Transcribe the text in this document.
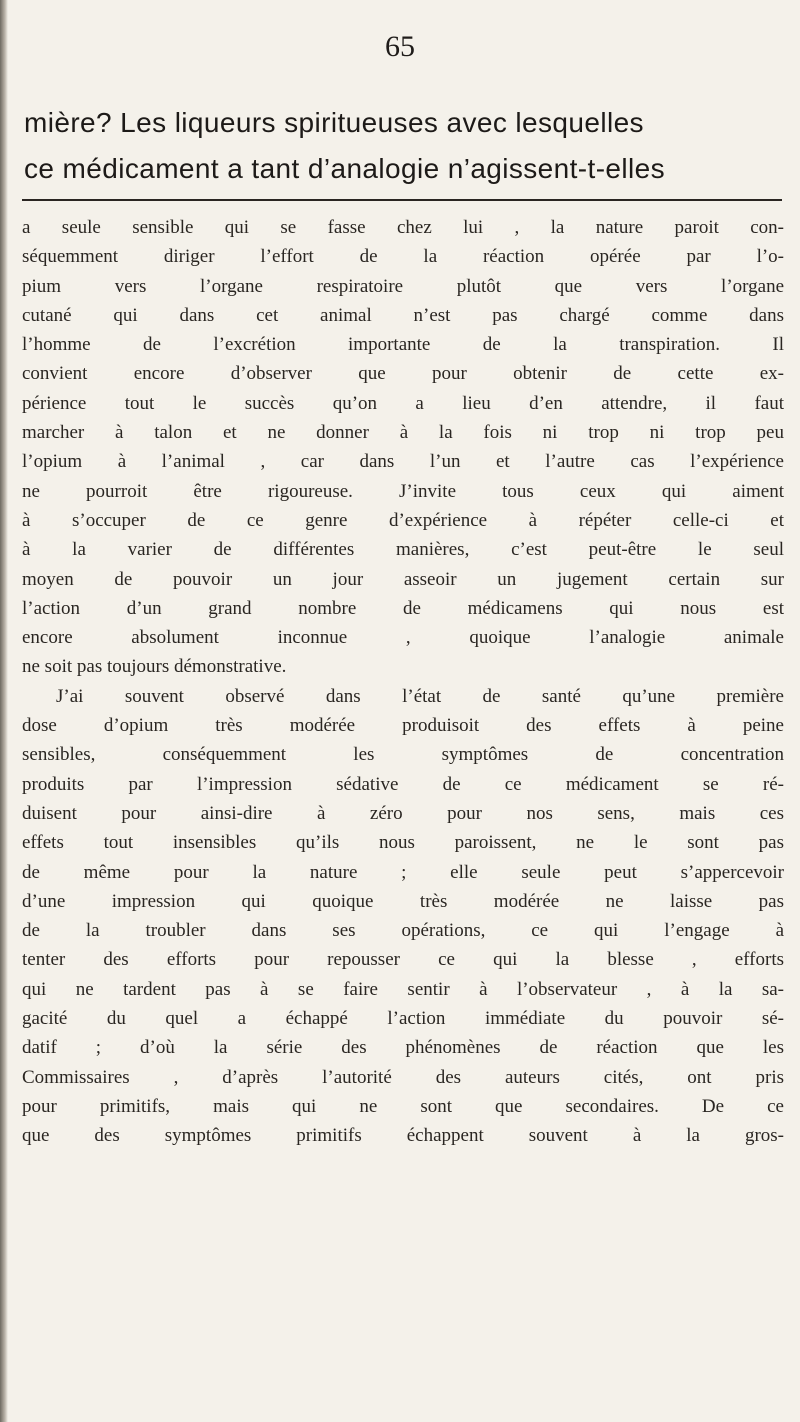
65
mière? Les liqueurs spiritueuses avec lesquelles
ce médicament a tant d’analogie n’agissent-t-elles
a seule sensible qui se fasse chez lui , la nature paroit con-
séquemment diriger l’effort de la réaction opérée par l’o-
pium vers l’organe respiratoire plutôt que vers l’organe
cutané qui dans cet animal n’est pas chargé comme dans
l’homme de l’excrétion importante de la transpiration. Il
convient encore d’observer que pour obtenir de cette ex-
périence tout le succès qu’on a lieu d’en attendre, il faut
marcher à talon et ne donner à la fois ni trop ni trop peu
l’opium à l’animal , car dans l’un et l’autre cas l’expérience
ne pourroit être rigoureuse. J’invite tous ceux qui aiment
à s’occuper de ce genre d’expérience à répéter celle-ci et
à la varier de différentes manières, c’est peut-être le seul
moyen de pouvoir un jour asseoir un jugement certain sur
l’action d’un grand nombre de médicamens qui nous est
encore absolument inconnue , quoique l’analogie animale
ne soit pas toujours démonstrative.
J’ai souvent observé dans l’état de santé qu’une première
dose d’opium très modérée produisoit des effets à peine
sensibles, conséquemment les symptômes de concentration
produits par l’impression sédative de ce médicament se ré-
duisent pour ainsi-dire à zéro pour nos sens, mais ces
effets tout insensibles qu’ils nous paroissent, ne le sont pas
de même pour la nature ; elle seule peut s’appercevoir
d’une impression qui quoique très modérée ne laisse pas
de la troubler dans ses opérations, ce qui l’engage à
tenter des efforts pour repousser ce qui la blesse , efforts
qui ne tardent pas à se faire sentir à l’observateur , à la sa-
gacité du quel a échappé l’action immédiate du pouvoir sé-
datif ; d’où la série des phénomènes de réaction que les
Commissaires , d’après l’autorité des auteurs cités, ont pris
pour primitifs, mais qui ne sont que secondaires. De ce
que des symptômes primitifs échappent souvent à la gros-
